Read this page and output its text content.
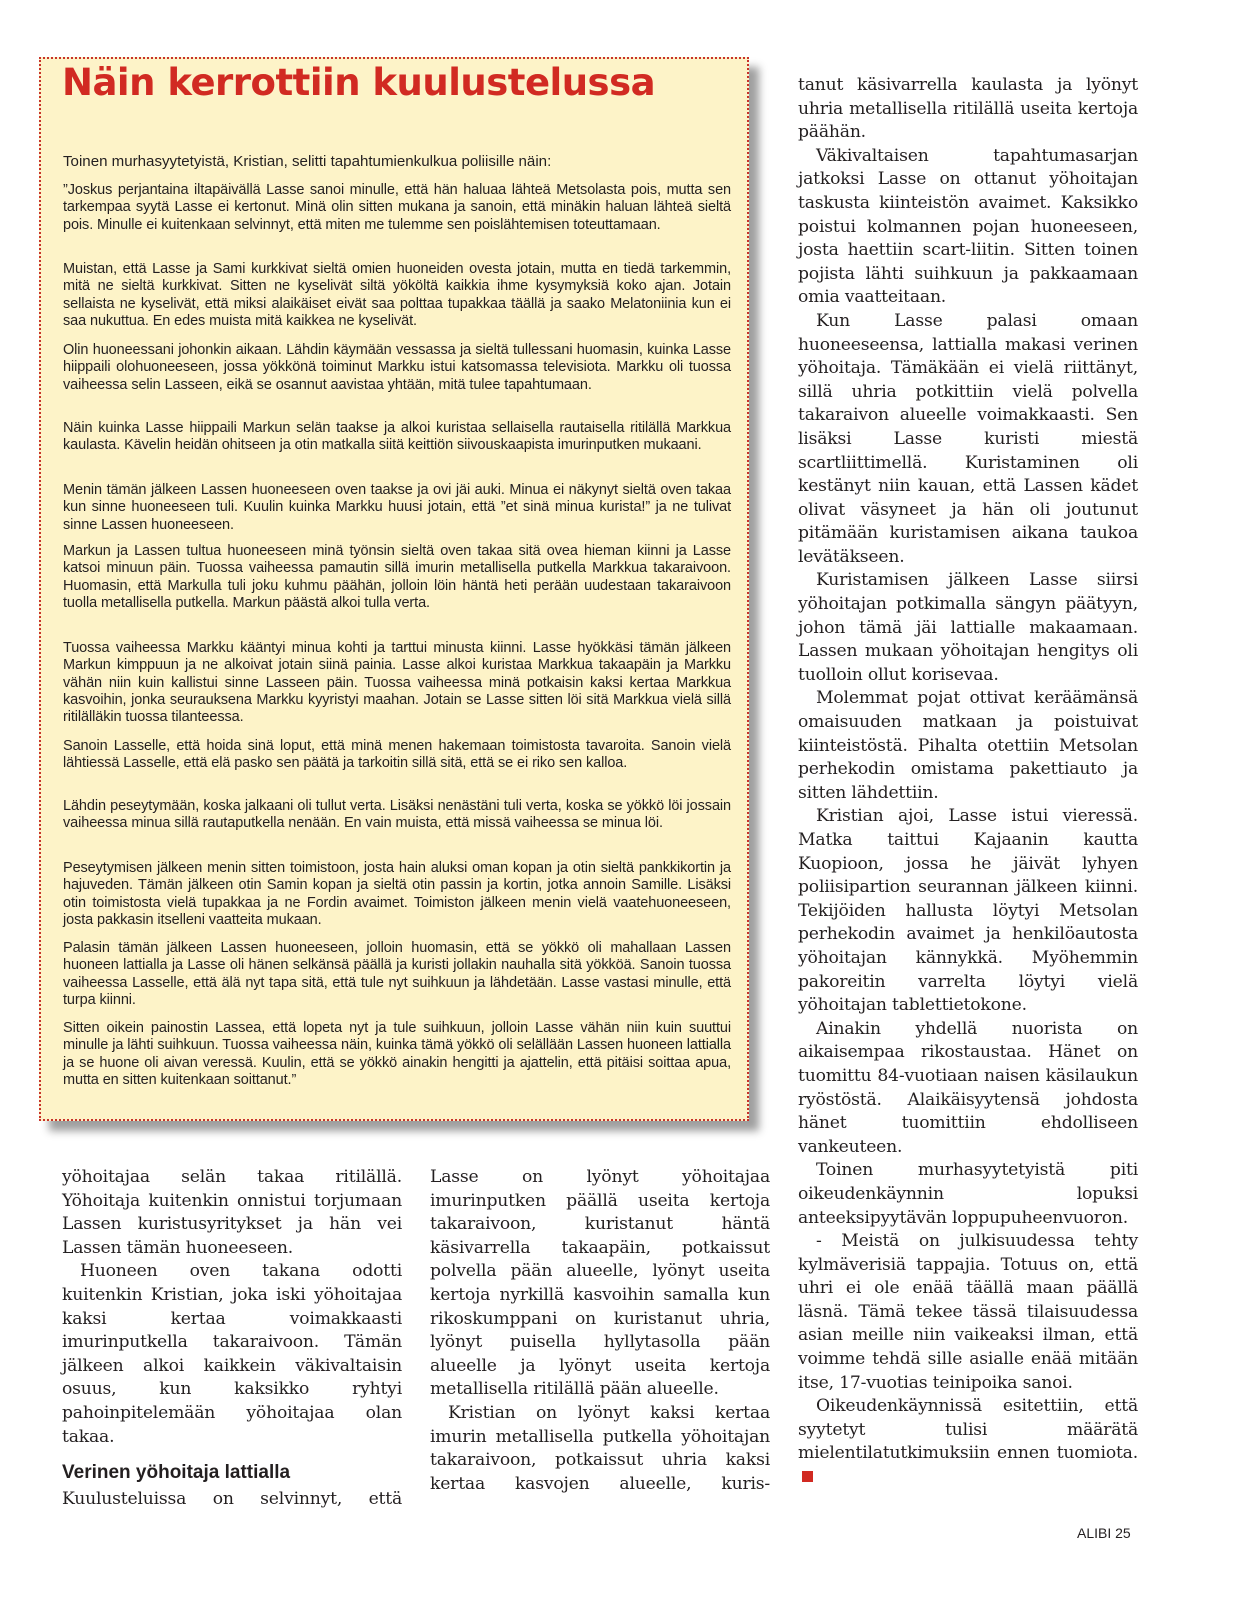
Näin kerrottiin kuulustelussa

Toinen murhasyytetyistä, Kristian, selitti tapahtumienkulkua poliisille näin:

”Joskus perjantaina iltapäivällä Lasse sanoi minulle, että hän haluaa lähteä Metsolasta pois, mutta sen tarkempaa syytä Lasse ei kertonut. Minä olin sitten mukana ja sanoin, että minäkin haluan lähteä sieltä pois. Minulle ei kuitenkaan selvinnyt, että miten me tulemme sen poislähtemisen toteuttamaan.

Muistan, että Lasse ja Sami kurkkivat sieltä omien huoneiden ovesta jotain, mutta en tiedä tarkemmin, mitä ne sieltä kurkkivat. Sitten ne kyselivät siltä yököltä kaikkia ihme kysymyksiä koko ajan. Jotain sellaista ne kyselivät, että miksi alaikäiset eivät saa polttaa tupakkaa täällä ja saako Melatoniinia kun ei saa nukuttua. En edes muista mitä kaikkea ne kyselivät.

Olin huoneessani johonkin aikaan. Lähdin käymään vessassa ja sieltä tullessani huomasin, kuinka Lasse hiippaili olohuoneeseen, jossa yökkönä toiminut Markku istui katsomassa televisiota. Markku oli tuossa vaiheessa selin Lasseen, eikä se osannut aavistaa yhtään, mitä tulee tapahtumaan.

Näin kuinka Lasse hiippaili Markun selän taakse ja alkoi kuristaa sellaisella rautaisella ritilällä Markkua kaulasta. Kävelin heidän ohitseen ja otin matkalla siitä keittiön siivouskaapista imurinputken mukaani.

Menin tämän jälkeen Lassen huoneeseen oven taakse ja ovi jäi auki. Minua ei näkynyt sieltä oven takaa kun sinne huoneeseen tuli. Kuulin kuinka Markku huusi jotain, että ”et sinä minua kurista!” ja ne tulivat sinne Lassen huoneeseen.

Markun ja Lassen tultua huoneeseen minä työnsin sieltä oven takaa sitä ovea hieman kiinni ja Lasse katsoi minuun päin. Tuossa vaiheessa pamautin sillä imurin metallisella putkella Markkua takaraivoon. Huomasin, että Markulla tuli joku kuhmu päähän, jolloin löin häntä heti perään uudestaan takaraivoon tuolla metallisella putkella. Markun päästä alkoi tulla verta.

Tuossa vaiheessa Markku kääntyi minua kohti ja tarttui minusta kiinni. Lasse hyökkäsi tämän jälkeen Markun kimppuun ja ne alkoivat jotain siinä painia. Lasse alkoi kuristaa Markkua takaapäin ja Markku vähän niin kuin kallistui sinne Lasseen päin. Tuossa vaiheessa minä potkaisin kaksi kertaa Markkua kasvoihin, jonka seurauksena Markku kyyristyi maahan. Jotain se Lasse sitten löi sitä Markkua vielä sillä ritilälläkin tuossa tilanteessa.

Sanoin Lasselle, että hoida sinä loput, että minä menen hakemaan toimistosta tavaroita. Sanoin vielä lähtiessä Lasselle, että elä pasko sen päätä ja tarkoitin sillä sitä, että se ei riko sen kalloa.

Lähdin peseytymään, koska jalkaani oli tullut verta. Lisäksi nenästäni tuli verta, koska se yökkö löi jossain vaiheessa minua sillä rautaputkella nenään. En vain muista, että missä vaiheessa se minua löi.

Peseytymisen jälkeen menin sitten toimistoon, josta hain aluksi oman kopan ja otin sieltä pankkikortin ja hajuveden. Tämän jälkeen otin Samin kopan ja sieltä otin passin ja kortin, jotka annoin Samille. Lisäksi otin toimistosta vielä tupakkaa ja ne Fordin avaimet. Toimiston jälkeen menin vielä vaatehuoneeseen, josta pakkasin itselleni vaatteita mukaan.

Palasin tämän jälkeen Lassen huoneeseen, jolloin huomasin, että se yökkö oli mahallaan Lassen huoneen lattialla ja Lasse oli hänen selkänsä päällä ja kuristi jollakin nauhalla sitä yökköä. Sanoin tuossa vaiheessa Lasselle, että älä nyt tapa sitä, että tule nyt suihkuun ja lähdetään. Lasse vastasi minulle, että turpa kiinni.

Sitten oikein painostin Lassea, että lopeta nyt ja tule suihkuun, jolloin Lasse vähän niin kuin suuttui minulle ja lähti suihkuun. Tuossa vaiheessa näin, kuinka tämä yökkö oli selällään Lassen huoneen lattialla ja se huone oli aivan veressä. Kuulin, että se yökkö ainakin hengitti ja ajattelin, että pitäisi soittaa apua, mutta en sitten kuitenkaan soittanut.”

yöhoitajaa selän takaa ritilällä. Yöhoitaja kuitenkin onnistui torjumaan Lassen kuristusyritykset ja hän vei Lassen tämän huoneeseen.

Huoneen oven takana odotti kuitenkin Kristian, joka iski yöhoitajaa kaksi kertaa voimakkaasti imurinputkella takaraivoon. Tämän jälkeen alkoi kaikkein väkivaltaisin osuus, kun kaksikko ryhtyi pahoinpitelemään yöhoitajaa olan takaa.

Verinen yöhoitaja lattialla

Kuulusteluissa on selvinnyt, että

Lasse on lyönyt yöhoitajaa imurinputken päällä useita kertoja takaraivoon, kuristanut häntä käsivarrella takaapäin, potkaissut polvella pään alueelle, lyönyt useita kertoja nyrkillä kasvoihin samalla kun rikoskumppani on kuristanut uhria, lyönyt puisella hyllytasolla pään alueelle ja lyönyt useita kertoja metallisella ritilällä pään alueelle.

Kristian on lyönyt kaksi kertaa imurin metallisella putkella yöhoitajan takaraivoon, potkaissut uhria kaksi kertaa kasvojen alueelle, kuris-

tanut käsivarrella kaulasta ja lyönyt uhria metallisella ritilällä useita kertoja päähän.

Väkivaltaisen tapahtumasarjan jatkoksi Lasse on ottanut yöhoitajan taskusta kiinteistön avaimet. Kaksikko poistui kolmannen pojan huoneeseen, josta haettiin scart-liitin. Sitten toinen pojista lähti suihkuun ja pakkaamaan omia vaatteitaan.

Kun Lasse palasi omaan huoneeseensa, lattialla makasi verinen yöhoitaja. Tämäkään ei vielä riittänyt, sillä uhria potkittiin vielä polvella takaraivon alueelle voimakkaasti. Sen lisäksi Lasse kuristi miestä scartliittimellä. Kuristaminen oli kestänyt niin kauan, että Lassen kädet olivat väsyneet ja hän oli joutunut pitämään kuristamisen aikana taukoa levätäkseen.

Kuristamisen jälkeen Lasse siirsi yöhoitajan potkimalla sängyn päätyyn, johon tämä jäi lattialle makaamaan. Lassen mukaan yöhoitajan hengitys oli tuolloin ollut korisevaa.

Molemmat pojat ottivat keräämänsä omaisuuden matkaan ja poistuivat kiinteistöstä. Pihalta otettiin Metsolan perhekodin omistama pakettiauto ja sitten lähdettiin.

Kristian ajoi, Lasse istui vieressä. Matka taittui Kajaanin kautta Kuopioon, jossa he jäivät lyhyen poliisipartion seurannan jälkeen kiinni. Tekijöiden hallusta löytyi Metsolan perhekodin avaimet ja henkilöautosta yöhoitajan kännykkä. Myöhemmin pakoreitin varrelta löytyi vielä yöhoitajan tablettietokone.

Ainakin yhdellä nuorista on aikaisempaa rikostaustaa. Hänet on tuomittu 84-vuotiaan naisen käsilaukun ryöstöstä. Alaikäisyytensä johdosta hänet tuomittiin ehdolliseen vankeuteen.

Toinen murhasyytetyistä piti oikeudenkäynnin lopuksi anteeksipyytävän loppupuheenvuoron.

- Meistä on julkisuudessa tehty kylmäverisiä tappajia. Totuus on, että uhri ei ole enää täällä maan päällä läsnä. Tämä tekee tässä tilaisuudessa asian meille niin vaikeaksi ilman, että voimme tehdä sille asialle enää mitään itse, 17-vuotias teinipoika sanoi.

Oikeudenkäynnissä esitettiin, että syytetyt tulisi määrätä mielentilatutkimuksiin ennen tuomiota.

ALIBI 25
